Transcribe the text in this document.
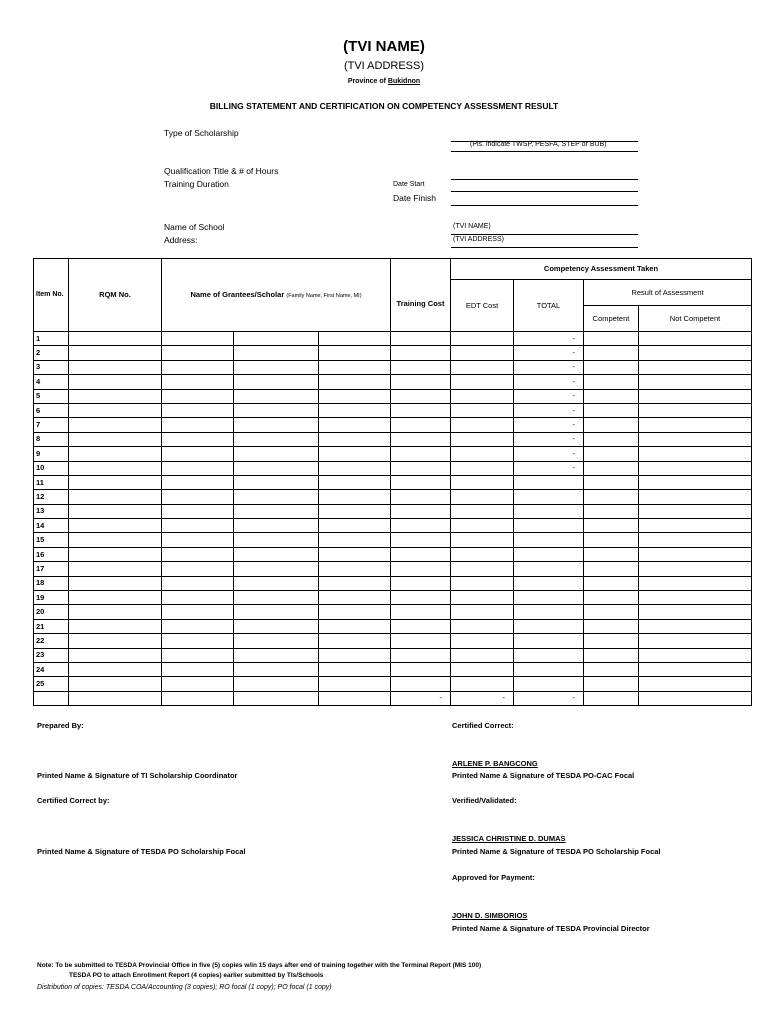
(TVI NAME)
(TVI ADDRESS)
Province of Bukidnon
BILLING STATEMENT AND CERTIFICATION ON COMPETENCY ASSESSMENT RESULT
Type of Scholarship
(Pls. indicate TWSP, PESFA, STEP or BUB)
Qualification Title & # of Hours
Training Duration	Date Start
Date Finish
Name of School
Address:
(TVI NAME)
(TVI ADDRESS)
Item No.	RQM No.	Name of Grantees/Scholar (Family Name, First Name, MI)			Training Cost	Competency Assessment Taken			
						EDT Cost	TOTAL	Result of Assessment	
								Competent	Not Competent
1							-		
2							-		
3							-		
4							-		
5							-		
6							-		
7							-		
8							-		
9							-		
10							-		
11									
12									
13									
14									
15									
16									
17									
18									
19									
20									
21									
22									
23									
24									
25									
					-	-	-		
Prepared By:	Certified Correct:
ARLENE P. BANGCONG
Printed Name & Signature of TI Scholarship Coordinator	Printed Name & Signature of TESDA PO-CAC Focal
Certified Correct by:	Verified/Validated:
JESSICA CHRISTINE D. DUMAS
Printed Name & Signature of TESDA PO Scholarship Focal	Printed Name & Signature of TESDA PO Scholarship Focal
Approved for Payment:
JOHN D. SIMBORIOS
Printed Name & Signature of TESDA Provincial Director
Note: To be submitted to TESDA Provincial Office in five (5) copies w/in 15 days after end of training together with the Terminal Report (MIS 100)
TESDA PO to attach Enrollment Report (4 copies) earlier submitted by TIs/Schools
Distribution of copies: TESDA COA/Accounting (3 copies); RO focal (1 copy); PO focal (1 copy)
